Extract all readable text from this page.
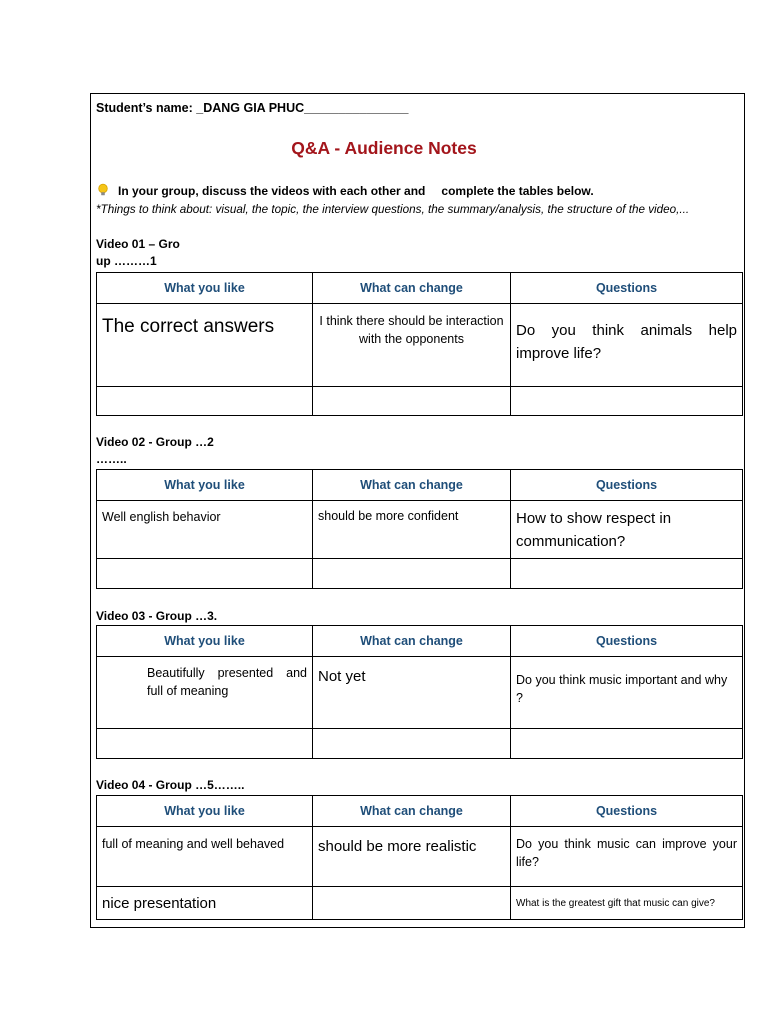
Student’s name: _DANG GIA PHUC_______________
Q&A - Audience Notes
In your group, discuss the videos with each other and complete the tables below.
*Things to think about: visual, the topic, the interview questions, the summary/analysis, the structure of the video,...
Video 01 – Gro
up ………1
What you like	What can change	Questions
The correct answers	I think there should be interaction with the opponents	Do you think animals help improve life?

Video 02 - Group …2
……..
What you like	What can change	Questions
Well english behavior	should be more confident	How to show respect in communication?

Video 03 - Group …3.
What you like	What can change	Questions
Beautifully presented and full of meaning	Not yet	Do you think music important and why ?

Video 04 - Group …5……..
What you like	What can change	Questions
full of meaning and well behaved	should be more realistic	Do you think music can improve your life?
nice presentation		What is the greatest gift that music can give?
